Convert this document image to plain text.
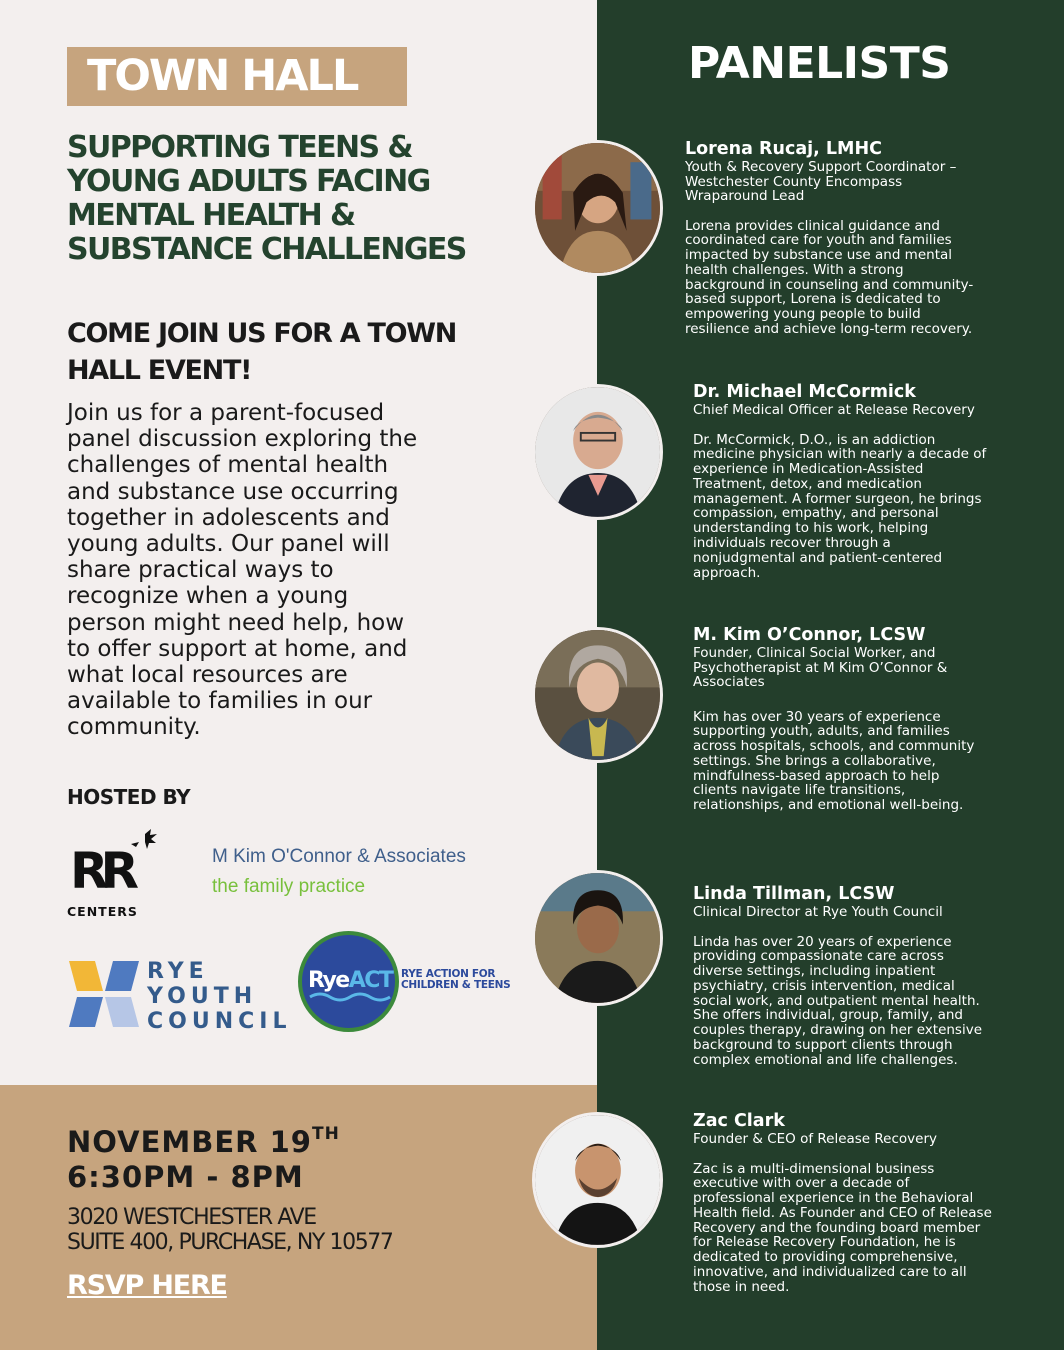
TOWN HALL
SUPPORTING TEENS &
YOUNG ADULTS FACING
MENTAL HEALTH &
SUBSTANCE CHALLENGES
COME JOIN US FOR A TOWN
HALL EVENT!
Join us for a parent-focused
panel discussion exploring the
challenges of mental health
and substance use occurring
together in adolescents and
young adults. Our panel will
share practical ways to
recognize when a young
person might need help, how
to offer support at home, and
what local resources are
available to families in our
community.
HOSTED BY
RR
CENTERS
M Kim O'Connor & Associates
the family practice
RYE
YOUTH
COUNCIL
RyeACT RYE ACTION FOR
CHILDREN & TEENS
NOVEMBER 19TH
6:30PM - 8PM
3020 WESTCHESTER AVE
SUITE 400, PURCHASE, NY 10577
RSVP HERE
PANELISTS
Lorena Rucaj, LMHC
Youth & Recovery Support Coordinator –
Westchester County Encompass
Wraparound Lead
Lorena provides clinical guidance and
coordinated care for youth and families
impacted by substance use and mental
health challenges. With a strong
background in counseling and community-
based support, Lorena is dedicated to
empowering young people to build
resilience and achieve long-term recovery.
Dr. Michael McCormick
Chief Medical Officer at Release Recovery
Dr. McCormick, D.O., is an addiction
medicine physician with nearly a decade of
experience in Medication-Assisted
Treatment, detox, and medication
management. A former surgeon, he brings
compassion, empathy, and personal
understanding to his work, helping
individuals recover through a
nonjudgmental and patient-centered
approach.
M. Kim O’Connor, LCSW
Founder, Clinical Social Worker, and
Psychotherapist at M Kim O’Connor &
Associates
Kim has over 30 years of experience
supporting youth, adults, and families
across hospitals, schools, and community
settings. She brings a collaborative,
mindfulness-based approach to help
clients navigate life transitions,
relationships, and emotional well-being.
Linda Tillman, LCSW
Clinical Director at Rye Youth Council
Linda has over 20 years of experience
providing compassionate care across
diverse settings, including inpatient
psychiatry, crisis intervention, medical
social work, and outpatient mental health.
She offers individual, group, family, and
couples therapy, drawing on her extensive
background to support clients through
complex emotional and life challenges.
Zac Clark
Founder & CEO of Release Recovery
Zac is a multi-dimensional business
executive with over a decade of
professional experience in the Behavioral
Health field. As Founder and CEO of Release
Recovery and the founding board member
for Release Recovery Foundation, he is
dedicated to providing comprehensive,
innovative, and individualized care to all
those in need.
